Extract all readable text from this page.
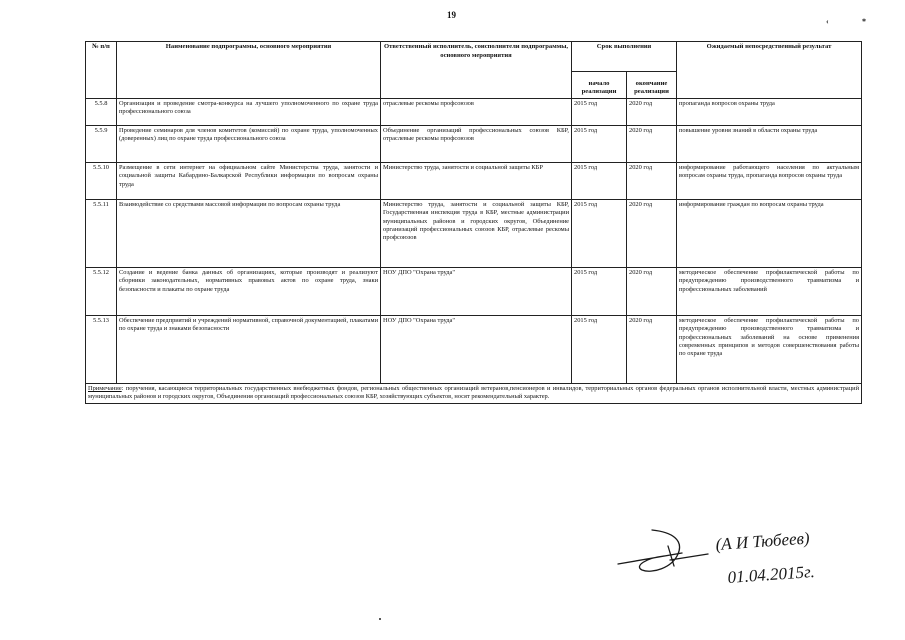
19
‹	*
№ п/п	Наименование подпрограммы, основного мероприятия	Ответственный исполнитель, соисполнители подпрограммы, основного мероприятия	Срок выполнения		Ожидаемый непосредственный результат
			начало реализации	окончание реализации	
5.5.8	Организация и проведение смотра-конкурса на лучшего уполномоченного по охране труда профессионального союза	отраслевые рескомы профсоюзов	2015 год	2020 год	пропаганда вопросов охраны труда
5.5.9	Проведение семинаров для членов комитетов (комиссий) по охране труда, уполномоченных (доверенных) лиц по охране труда профессионального союза	Объединение организаций профессиональных союзов КБР, отраслевые рескомы профсоюзов	2015 год	2020 год	повышение уровня знаний в области охраны труда
5.5.10	Размещение в сети интернет на официальном сайте Министерства труда, занятости и социальной защиты Кабардино-Балкарской Республики информации по вопросам охраны труда	Министерство труда, занятости и социальной защиты КБР	2015 год	2020 год	информирование работающего населения по актуальным вопросам охраны труда, пропаганда вопросов охраны труда
5.5.11	Взаимодействие со средствами массовой информации по вопросам охраны труда	Министерство труда, занятости и социальной защиты КБР, Государственная инспекция труда в КБР, местные администрации муниципальных районов и городских округов, Объединение организаций профессиональных союзов КБР, отраслевые рескомы профсоюзов	2015 год	2020 год	информирование граждан по вопросам охраны труда
5.5.12	Создание и ведение банка данных об организациях, которые производят и реализуют сборники законодательных, нормативных правовых актов по охране труда, знаки безопасности и плакаты по охране труда	НОУ ДПО "Охрана труда"	2015 год	2020 год	методическое обеспечение профилактической работы по предупреждению производственного травматизма и профессиональных заболеваний
5.5.13	Обеспечение предприятий и учреждений нормативной, справочной документацией, плакатами по охране труда и знаками безопасности	НОУ ДПО "Охрана труда"	2015 год	2020 год	методическое обеспечение профилактической работы по предупреждению производственного травматизма и профессиональных заболеваний на основе применения современных принципов и методов совершенствования работы по охране труда
Примечание: поручения, касающиеся территориальных государственных внебюджетных фондов, региональных общественных организаций ветеранов,пенсионеров и инвалидов, территориальных органов федеральных органов исполнительной власти, местных администраций муниципальных районов и городских округов, Объединения организаций профессиональных союзов КБР, хозяйствующих субъектов, носят рекомендательный характер.					
(А И Тюбеев)
01.04.2015г.
